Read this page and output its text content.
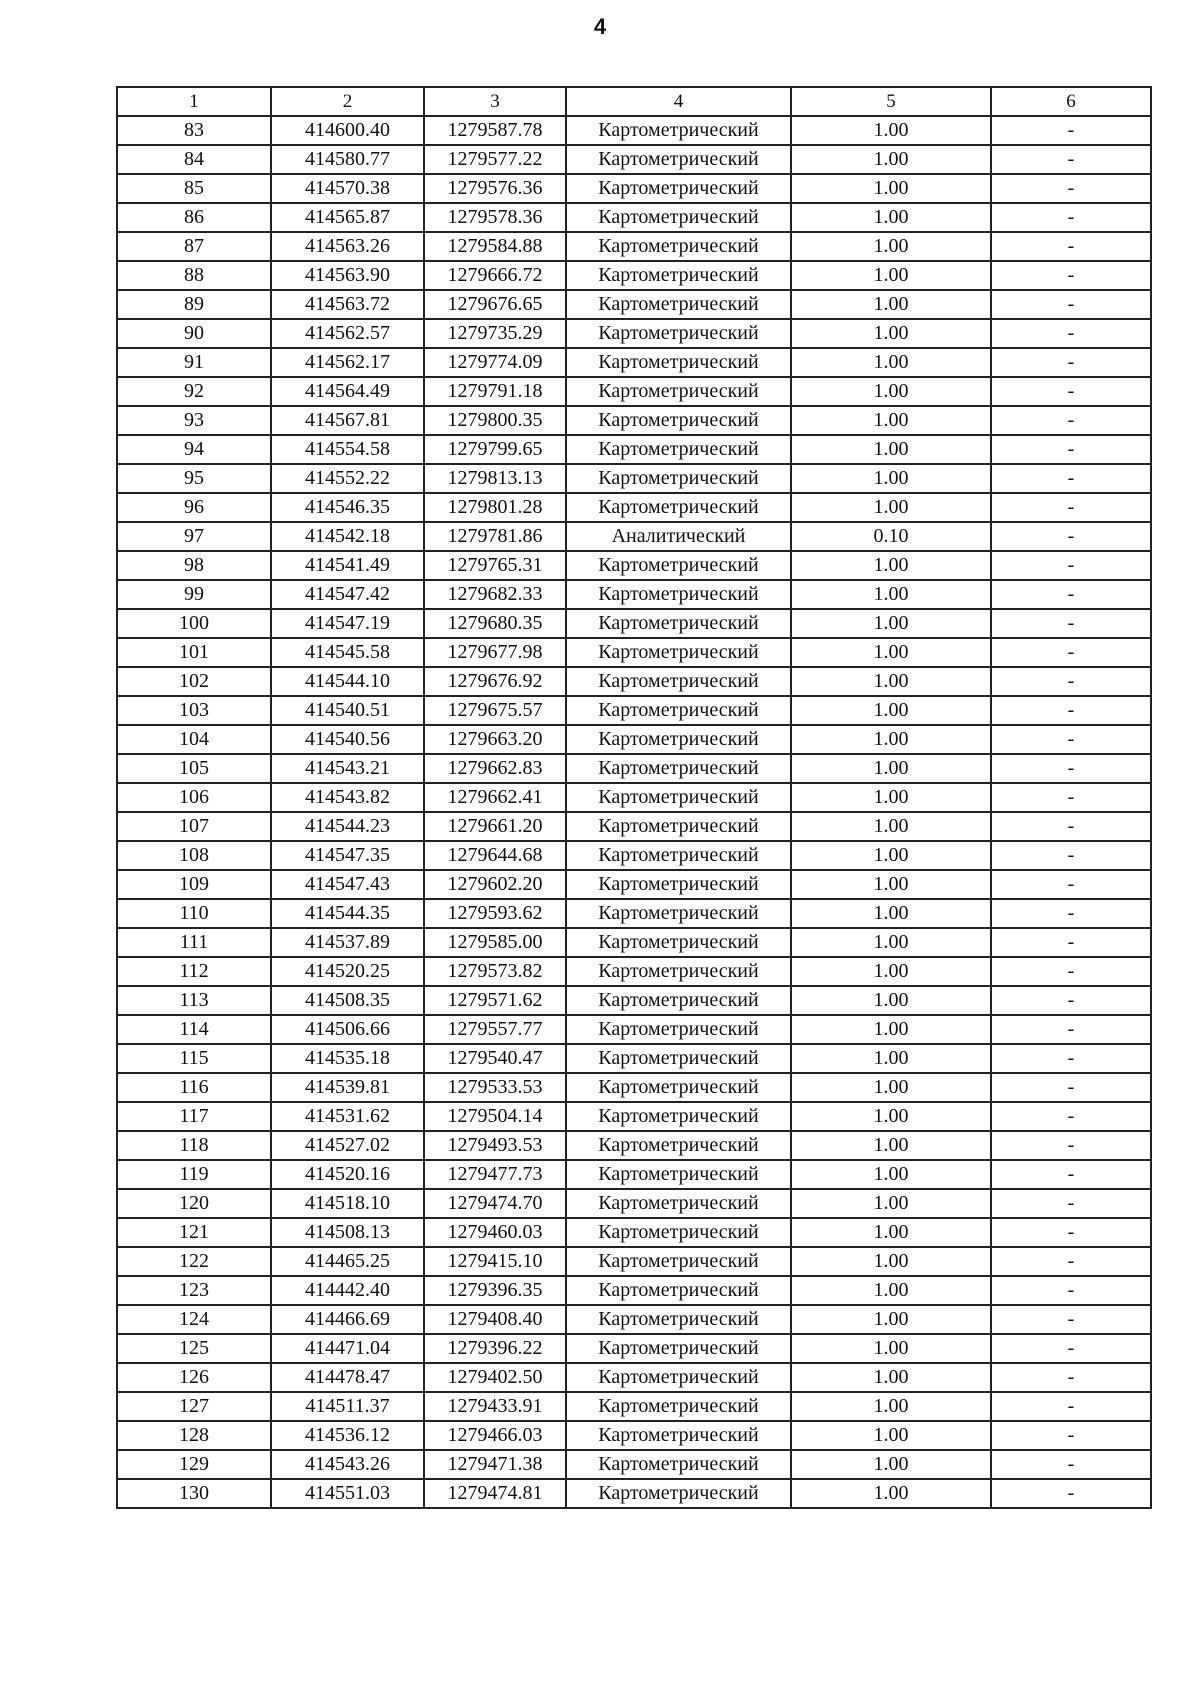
4
1	2	3	4	5	6
83	414600.40	1279587.78	Картометрический	1.00	-
84	414580.77	1279577.22	Картометрический	1.00	-
85	414570.38	1279576.36	Картометрический	1.00	-
86	414565.87	1279578.36	Картометрический	1.00	-
87	414563.26	1279584.88	Картометрический	1.00	-
88	414563.90	1279666.72	Картометрический	1.00	-
89	414563.72	1279676.65	Картометрический	1.00	-
90	414562.57	1279735.29	Картометрический	1.00	-
91	414562.17	1279774.09	Картометрический	1.00	-
92	414564.49	1279791.18	Картометрический	1.00	-
93	414567.81	1279800.35	Картометрический	1.00	-
94	414554.58	1279799.65	Картометрический	1.00	-
95	414552.22	1279813.13	Картометрический	1.00	-
96	414546.35	1279801.28	Картометрический	1.00	-
97	414542.18	1279781.86	Аналитический	0.10	-
98	414541.49	1279765.31	Картометрический	1.00	-
99	414547.42	1279682.33	Картометрический	1.00	-
100	414547.19	1279680.35	Картометрический	1.00	-
101	414545.58	1279677.98	Картометрический	1.00	-
102	414544.10	1279676.92	Картометрический	1.00	-
103	414540.51	1279675.57	Картометрический	1.00	-
104	414540.56	1279663.20	Картометрический	1.00	-
105	414543.21	1279662.83	Картометрический	1.00	-
106	414543.82	1279662.41	Картометрический	1.00	-
107	414544.23	1279661.20	Картометрический	1.00	-
108	414547.35	1279644.68	Картометрический	1.00	-
109	414547.43	1279602.20	Картометрический	1.00	-
110	414544.35	1279593.62	Картометрический	1.00	-
111	414537.89	1279585.00	Картометрический	1.00	-
112	414520.25	1279573.82	Картометрический	1.00	-
113	414508.35	1279571.62	Картометрический	1.00	-
114	414506.66	1279557.77	Картометрический	1.00	-
115	414535.18	1279540.47	Картометрический	1.00	-
116	414539.81	1279533.53	Картометрический	1.00	-
117	414531.62	1279504.14	Картометрический	1.00	-
118	414527.02	1279493.53	Картометрический	1.00	-
119	414520.16	1279477.73	Картометрический	1.00	-
120	414518.10	1279474.70	Картометрический	1.00	-
121	414508.13	1279460.03	Картометрический	1.00	-
122	414465.25	1279415.10	Картометрический	1.00	-
123	414442.40	1279396.35	Картометрический	1.00	-
124	414466.69	1279408.40	Картометрический	1.00	-
125	414471.04	1279396.22	Картометрический	1.00	-
126	414478.47	1279402.50	Картометрический	1.00	-
127	414511.37	1279433.91	Картометрический	1.00	-
128	414536.12	1279466.03	Картометрический	1.00	-
129	414543.26	1279471.38	Картометрический	1.00	-
130	414551.03	1279474.81	Картометрический	1.00	-
